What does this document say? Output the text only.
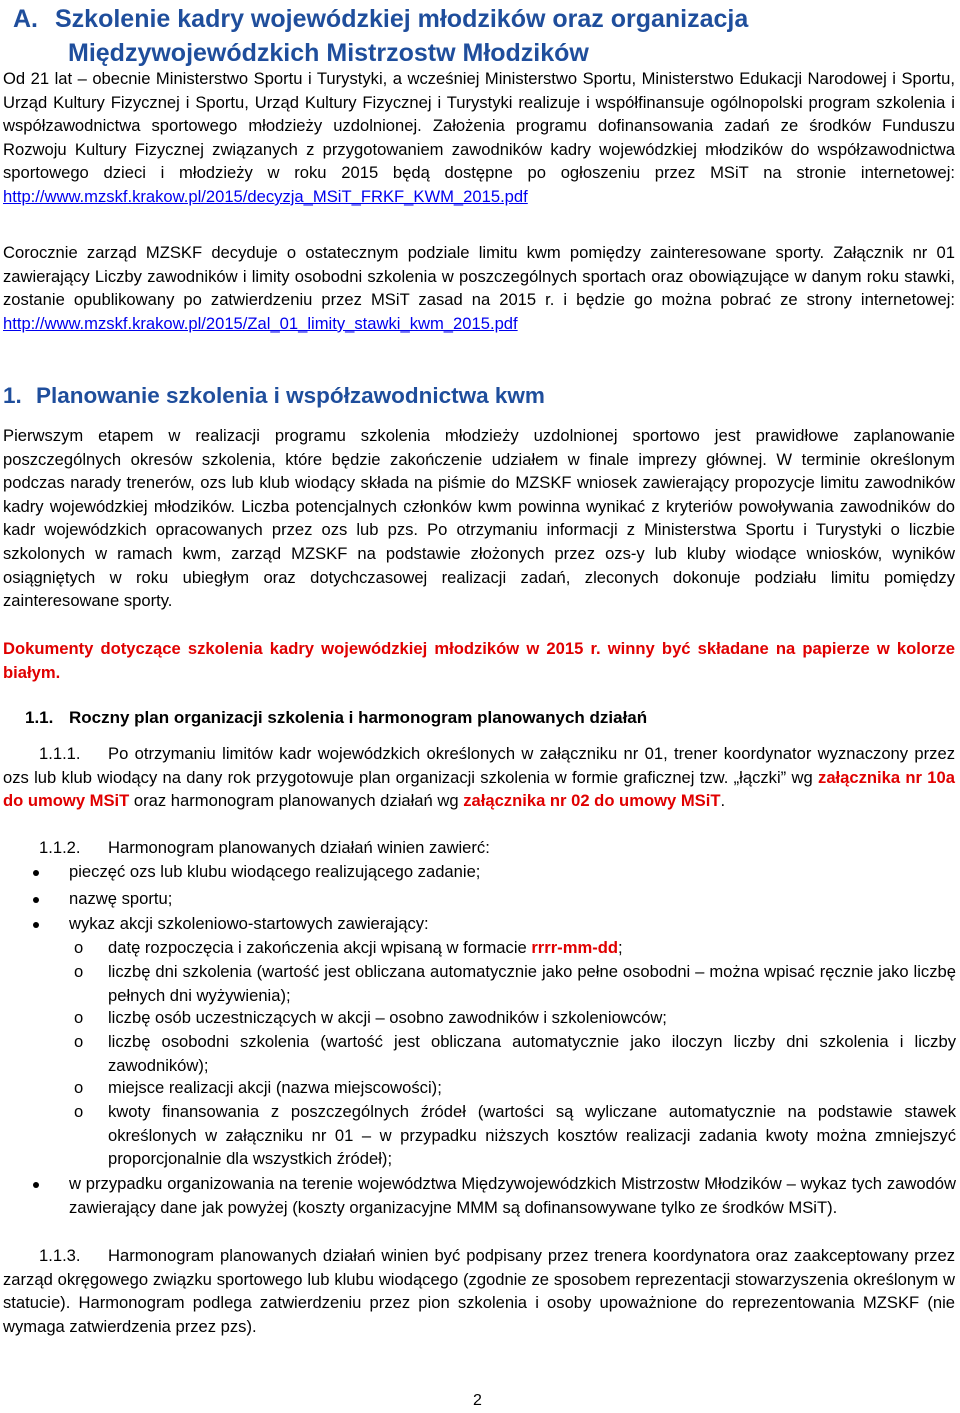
A. Szkolenie kadry wojewódzkiej młodzików oraz organizacja
Międzywojewódzkich Mistrzostw Młodzików
Od 21 lat – obecnie Ministerstwo Sportu i Turystyki, a wcześniej Ministerstwo Sportu, Ministerstwo Edukacji Narodowej i Sportu, Urząd Kultury Fizycznej i Sportu, Urząd Kultury Fizycznej i Turystyki realizuje i współfinansuje ogólnopolski program szkolenia i współzawodnictwa sportowego młodzieży uzdolnionej. Założenia programu dofinansowania zadań ze środków Funduszu Rozwoju Kultury Fizycznej związanych z przygotowaniem zawodników kadry wojewódzkiej młodzików do współzawodnictwa sportowego dzieci i młodzieży w roku 2015 będą dostępne po ogłoszeniu przez MSiT na stronie internetowej: http://www.mzskf.krakow.pl/2015/decyzja_MSiT_FRKF_KWM_2015.pdf
Corocznie zarząd MZSKF decyduje o ostatecznym podziale limitu kwm pomiędzy zainteresowane sporty. Załącznik nr 01 zawierający Liczby zawodników i limity osobodni szkolenia w poszczególnych sportach oraz obowiązujące w danym roku stawki, zostanie opublikowany po zatwierdzeniu przez MSiT zasad na 2015 r. i będzie go można pobrać ze strony internetowej: http://www.mzskf.krakow.pl/2015/Zal_01_limity_stawki_kwm_2015.pdf
1. Planowanie szkolenia i współzawodnictwa kwm
Pierwszym etapem w realizacji programu szkolenia młodzieży uzdolnionej sportowo jest prawidłowe zaplanowanie poszczególnych okresów szkolenia, które będzie zakończenie udziałem w finale imprezy głównej. W terminie określonym podczas narady trenerów, ozs lub klub wiodący składa na piśmie do MZSKF wniosek zawierający propozycje limitu zawodników kadry wojewódzkiej młodzików. Liczba potencjalnych członków kwm powinna wynikać z kryteriów powoływania zawodników do kadr wojewódzkich opracowanych przez ozs lub pzs. Po otrzymaniu informacji z Ministerstwa Sportu i Turystyki o liczbie szkolonych w ramach kwm, zarząd MZSKF na podstawie złożonych przez ozs-y lub kluby wiodące wniosków, wyników osiągniętych w roku ubiegłym oraz dotychczasowej realizacji zadań, zleconych dokonuje podziału limitu pomiędzy zainteresowane sporty.
Dokumenty dotyczące szkolenia kadry wojewódzkiej młodzików w 2015 r. winny być składane na papierze w kolorze białym.
1.1. Roczny plan organizacji szkolenia i harmonogram planowanych działań
1.1.1. Po otrzymaniu limitów kadr wojewódzkich określonych w załączniku nr 01, trener koordynator wyznaczony przez ozs lub klub wiodący na dany rok przygotowuje plan organizacji szkolenia w formie graficznej tzw. „łączki” wg załącznika nr 10a do umowy MSiT oraz harmonogram planowanych działań wg załącznika nr 02 do umowy MSiT.
1.1.2. Harmonogram planowanych działań winien zawierć:
pieczęć ozs lub klubu wiodącego realizującego zadanie;
nazwę sportu;
wykaz akcji szkoleniowo-startowych zawierający:
o datę rozpoczęcia i zakończenia akcji wpisaną w formacie rrrr-mm-dd;
o liczbę dni szkolenia (wartość jest obliczana automatycznie jako pełne osobodni – można wpisać ręcznie jako liczbę pełnych dni wyżywienia);
o liczbę osób uczestniczących w akcji – osobno zawodników i szkoleniowców;
o liczbę osobodni szkolenia (wartość jest obliczana automatycznie jako iloczyn liczby dni szkolenia i liczby zawodników);
o miejsce realizacji akcji (nazwa miejscowości);
o kwoty finansowania z poszczególnych źródeł (wartości są wyliczane automatycznie na podstawie stawek określonych w załączniku nr 01 – w przypadku niższych kosztów realizacji zadania kwoty można zmniejszyć proporcjonalnie dla wszystkich źródeł);
w przypadku organizowania na terenie województwa Międzywojewódzkich Mistrzostw Młodzików – wykaz tych zawodów zawierający dane jak powyżej (koszty organizacyjne MMM są dofinansowywane tylko ze środków MSiT).
1.1.3. Harmonogram planowanych działań winien być podpisany przez trenera koordynatora oraz zaakceptowany przez zarząd okręgowego związku sportowego lub klubu wiodącego (zgodnie ze sposobem reprezentacji stowarzyszenia określonym w statucie). Harmonogram podlega zatwierdzeniu przez pion szkolenia i osoby upoważnione do reprezentowania MZSKF (nie wymaga zatwierdzenia przez pzs).
2
